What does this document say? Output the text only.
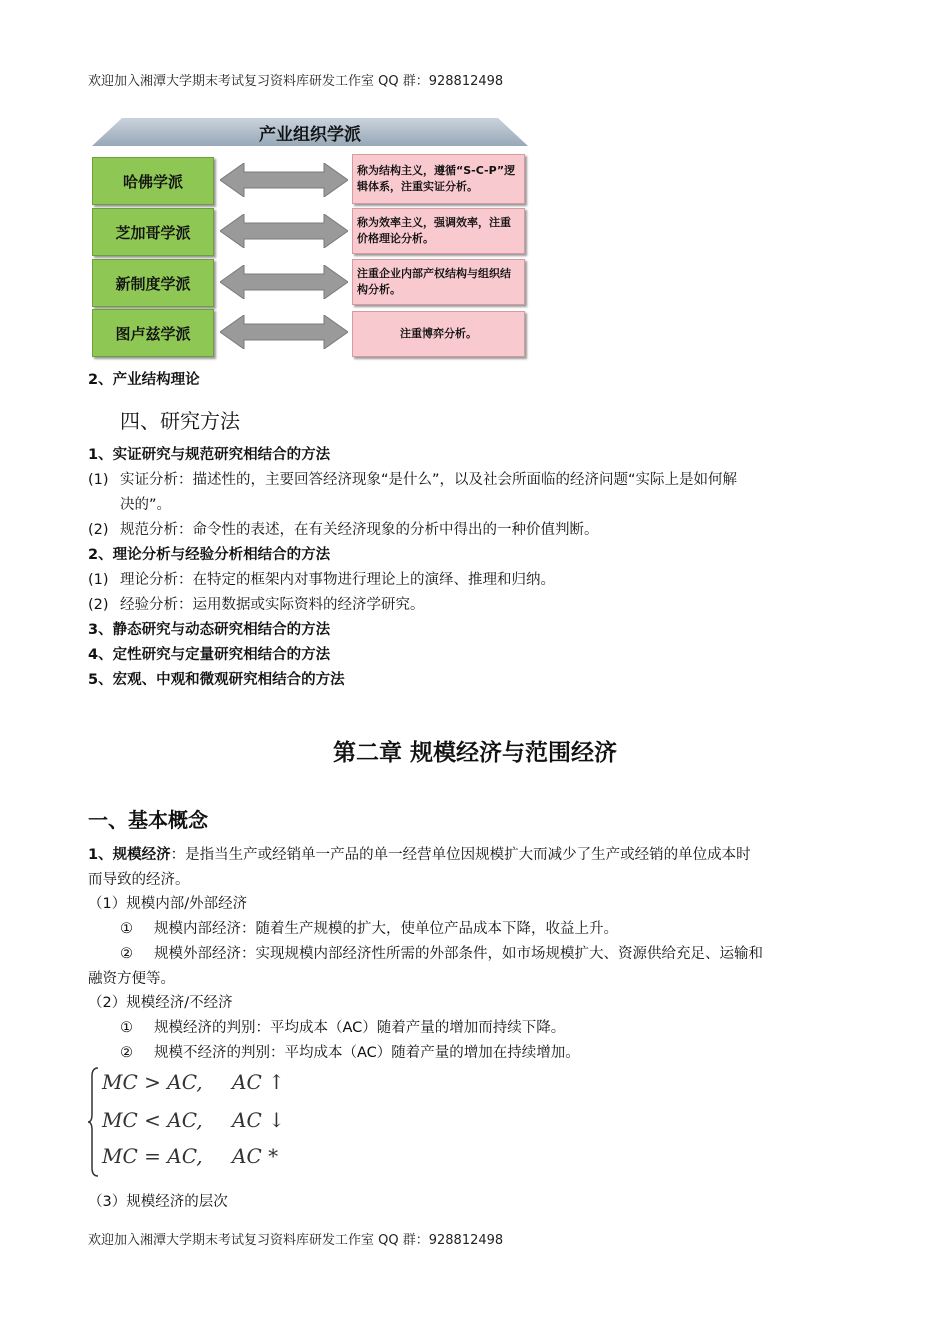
欢迎加入湘潭大学期末考试复习资料库研发工作室 QQ 群：928812498
产业组织学派
哈佛学派
称为结构主义，遵循“S-C-P”逻辑体系，注重实证分析。
芝加哥学派
称为效率主义，强调效率，注重价格理论分析。
新制度学派
注重企业内部产权结构与组织结构分析。
图卢兹学派	注重博弈分析。
2、产业结构理论
四、研究方法
1、实证研究与规范研究相结合的方法
(1) 实证分析：描述性的，主要回答经济现象“是什么”，以及社会所面临的经济问题“实际上是如何解
决的”。
(2) 规范分析：命令性的表述，在有关经济现象的分析中得出的一种价值判断。
2、理论分析与经验分析相结合的方法
(1) 理论分析：在特定的框架内对事物进行理论上的演绎、推理和归纳。
(2) 经验分析：运用数据或实际资料的经济学研究。
3、静态研究与动态研究相结合的方法
4、定性研究与定量研究相结合的方法
5、宏观、中观和微观研究相结合的方法
第二章 规模经济与范围经济
一、基本概念
1、规模经济：是指当生产或经销单一产品的单一经营单位因规模扩大而减少了生产或经销的单位成本时
而导致的经济。
（1）规模内部/外部经济
① 规模内部经济：随着生产规模的扩大，使单位产品成本下降，收益上升。
② 规模外部经济：实现规模内部经济性所需的外部条件，如市场规模扩大、资源供给充足、运输和
融资方便等。
（2）规模经济/不经济
① 规模经济的判别：平均成本（AC）随着产量的增加而持续下降。
② 规模不经济的判别：平均成本（AC）随着产量的增加在持续增加。
MC > AC, AC ↑
MC < AC, AC ↓
MC = AC, AC *
（3）规模经济的层次
欢迎加入湘潭大学期末考试复习资料库研发工作室 QQ 群：928812498
